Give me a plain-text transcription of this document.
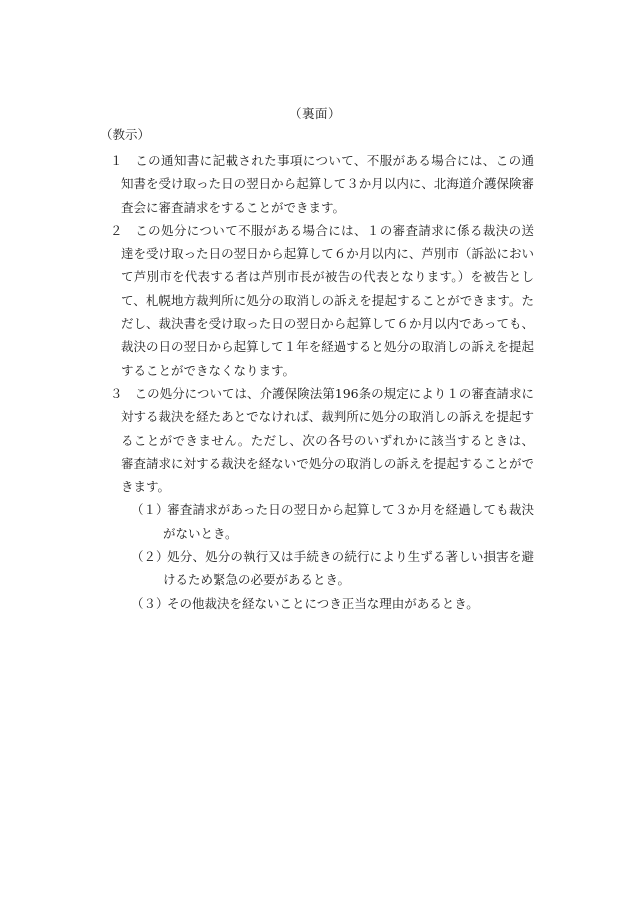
（裏面）
（教示）

１　 この通知書に記載された事項について、不服がある場合には、この通知書を受け取った日の翌日から起算して３か月以内に、北海道介護保険審査会に審査請求をすることができます。

２　 この処分について不服がある場合には、１の審査請求に係る裁決の送達を受け取った日の翌日から起算して６か月以内に、芦別市（訴訟において芦別市を代表する者は芦別市長が被告の代表となります。）を被告として、札幌地方裁判所に処分の取消しの訴えを提起することができます。ただし、裁決書を受け取った日の翌日から起算して６か月以内であっても、裁決の日の翌日から起算して１年を経過すると処分の取消しの訴えを提起することができなくなります。

３　 この処分については、介護保険法第196条の規定により１の審査請求に対する裁決を経たあとでなければ、裁判所に処分の取消しの訴えを提起することができません。ただし、次の各号のいずれかに該当するときは、審査請求に対する裁決を経ないで処分の取消しの訴えを提起することができます。

（１）審査請求があった日の翌日から起算して３か月を経過しても裁決がないとき。

（２）処分、処分の執行又は手続きの続行により生ずる著しい損害を避けるため緊急の必要があるとき。

（３）その他裁決を経ないことにつき正当な理由があるとき。
